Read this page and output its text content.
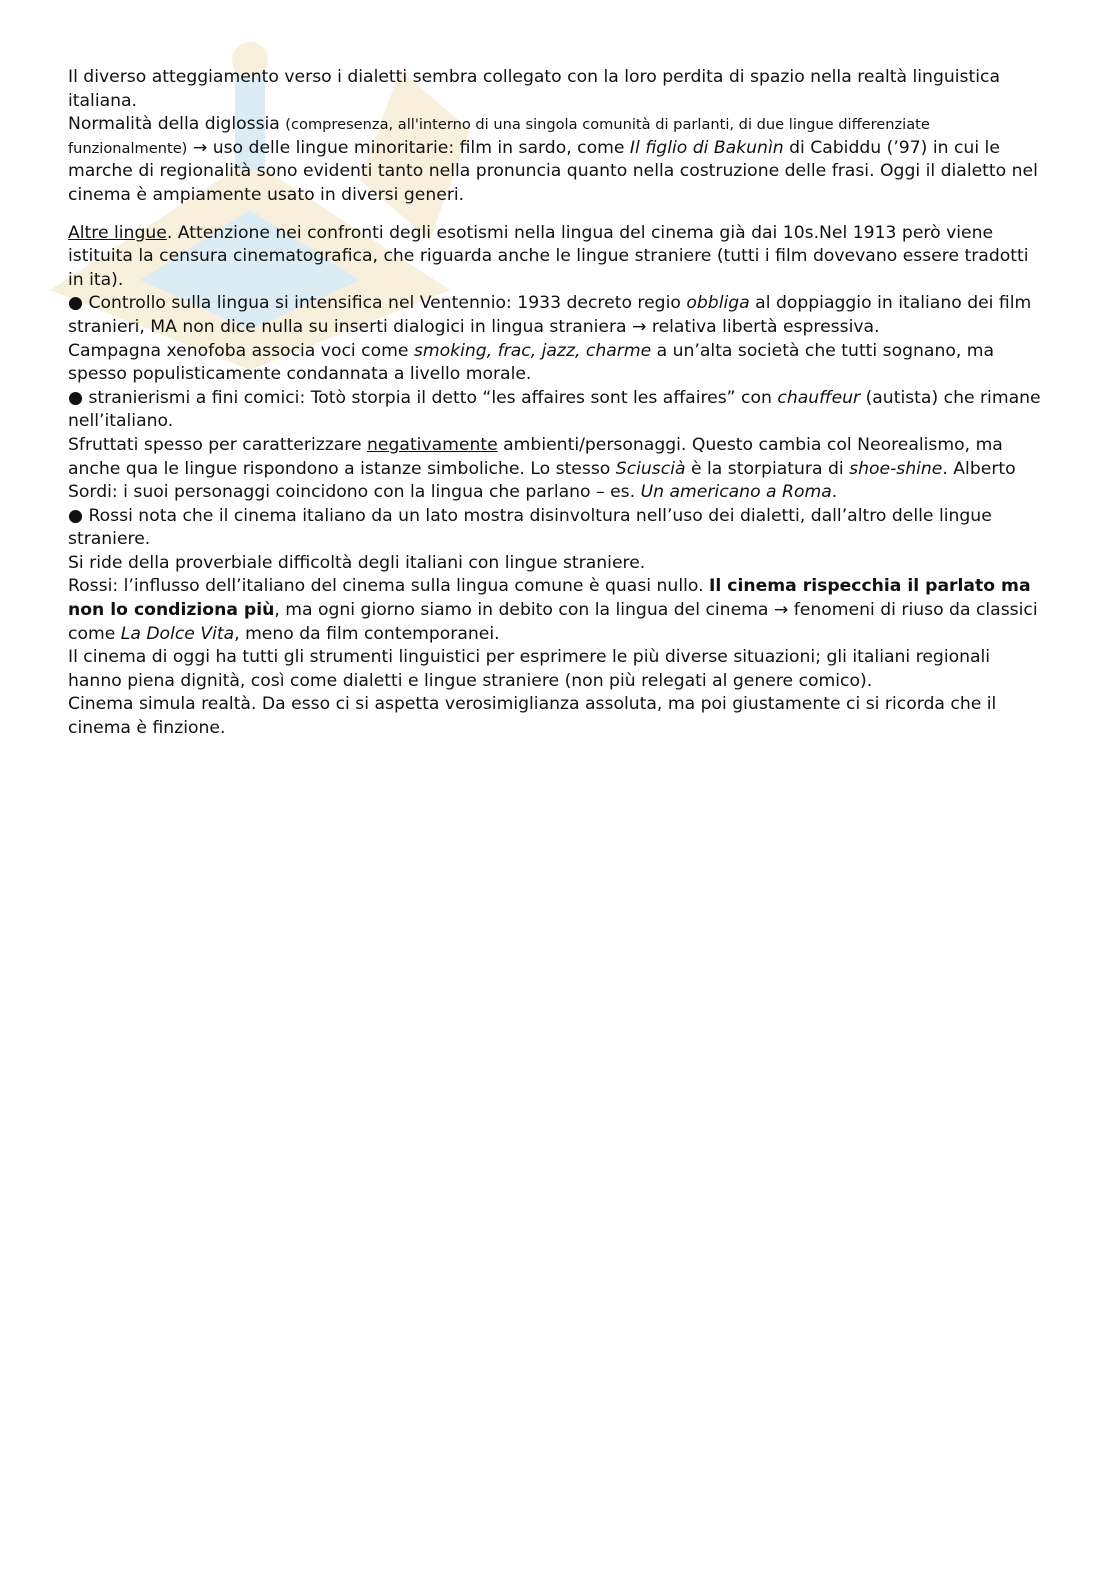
Il diverso atteggiamento verso i dialetti sembra collegato con la loro perdita di spazio nella realtà linguistica italiana.

Normalità della diglossia (compresenza, all'interno di una singola comunità di parlanti, di due lingue differenziate funzionalmente) → uso delle lingue minoritarie: film in sardo, come Il figlio di Bakunìn di Cabiddu (’97) in cui le marche di regionalità sono evidenti tanto nella pronuncia quanto nella costruzione delle frasi. Oggi il dialetto nel cinema è ampiamente usato in diversi generi.

Altre lingue. Attenzione nei confronti degli esotismi nella lingua del cinema già dai 10s.Nel 1913 però viene istituita la censura cinematografica, che riguarda anche le lingue straniere (tutti i film dovevano essere tradotti in ita).

● Controllo sulla lingua si intensifica nel Ventennio: 1933 decreto regio obbliga al doppiaggio in italiano dei film stranieri, MA non dice nulla su inserti dialogici in lingua straniera → relativa libertà espressiva.

Campagna xenofoba associa voci come smoking, frac, jazz, charme a un’alta società che tutti sognano, ma spesso populisticamente condannata a livello morale.

● stranierismi a fini comici: Totò storpia il detto “les affaires sont les affaires” con chauffeur (autista) che rimane nell’italiano.

Sfruttati spesso per caratterizzare negativamente ambienti/personaggi. Questo cambia col Neorealismo, ma anche qua le lingue rispondono a istanze simboliche. Lo stesso Sciuscià è la storpiatura di shoe-shine. Alberto Sordi: i suoi personaggi coincidono con la lingua che parlano – es. Un americano a Roma.

● Rossi nota che il cinema italiano da un lato mostra disinvoltura nell’uso dei dialetti, dall’altro delle lingue straniere.

Si ride della proverbiale difficoltà degli italiani con lingue straniere.

Rossi: l’influsso dell’italiano del cinema sulla lingua comune è quasi nullo. Il cinema rispecchia il parlato ma non lo condiziona più, ma ogni giorno siamo in debito con la lingua del cinema → fenomeni di riuso da classici come La Dolce Vita, meno da film contemporanei.

Il cinema di oggi ha tutti gli strumenti linguistici per esprimere le più diverse situazioni; gli italiani regionali hanno piena dignità, così come dialetti e lingue straniere (non più relegati al genere comico).

Cinema simula realtà. Da esso ci si aspetta verosimiglianza assoluta, ma poi giustamente ci si ricorda che il cinema è finzione.
